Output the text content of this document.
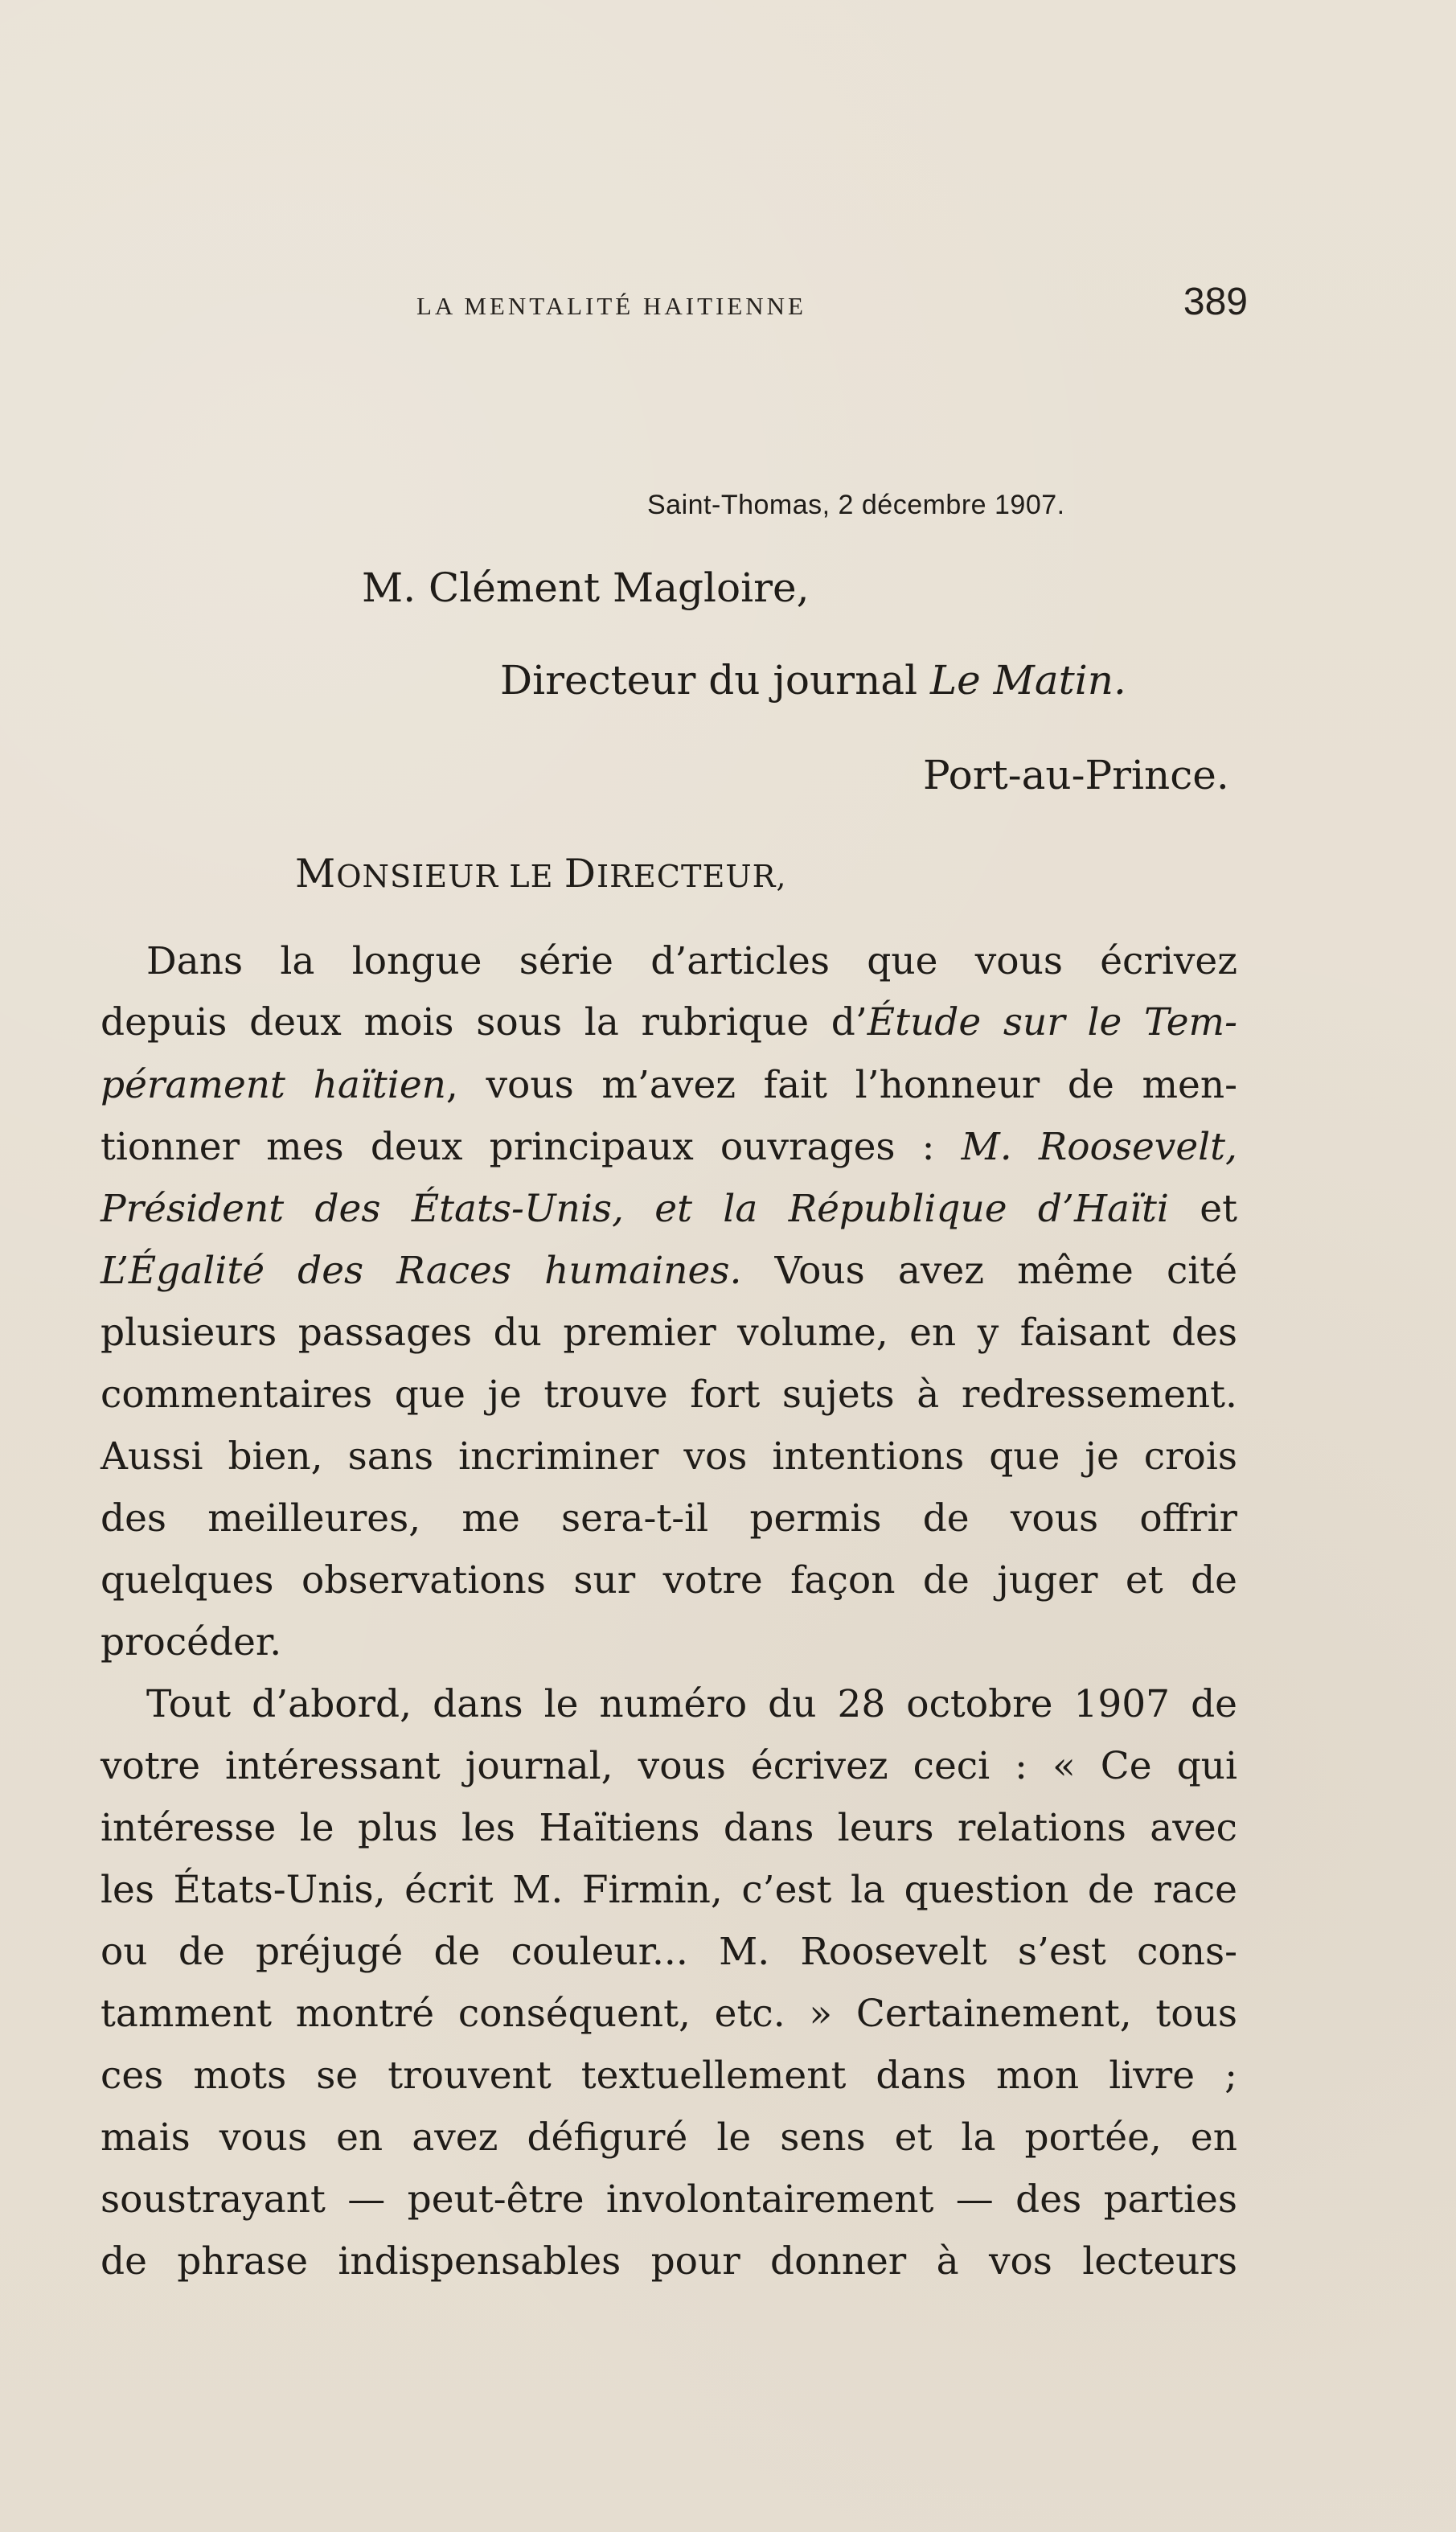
LA MENTALITÉ HAITIENNE	389
Saint-Thomas, 2 décembre 1907.
M. Clément Magloire,
Directeur du journal Le Matin.
Port-au-Prince.
MONSIEUR LE DIRECTEUR,
Dans la longue série d’articles que vous écrivez
depuis deux mois sous la rubrique d’Étude sur le Tem-
pérament haïtien, vous m’avez fait l’honneur de men-
tionner mes deux principaux ouvrages : M. Roosevelt,
Président des États-Unis, et la République d’Haïti et
L’Égalité des Races humaines. Vous avez même cité
plusieurs passages du premier volume, en y faisant des
commentaires que je trouve fort sujets à redressement.
Aussi bien, sans incriminer vos intentions que je crois
des meilleures, me sera-t-il permis de vous offrir
quelques observations sur votre façon de juger et de
procéder.
Tout d’abord, dans le numéro du 28 octobre 1907 de
votre intéressant journal, vous écrivez ceci : « Ce qui
intéresse le plus les Haïtiens dans leurs relations avec
les États-Unis, écrit M. Firmin, c’est la question de race
ou de préjugé de couleur... M. Roosevelt s’est cons-
tamment montré conséquent, etc. » Certainement, tous
ces mots se trouvent textuellement dans mon livre ;
mais vous en avez défiguré le sens et la portée, en
soustrayant — peut-être involontairement — des parties
de phrase indispensables pour donner à vos lecteurs
